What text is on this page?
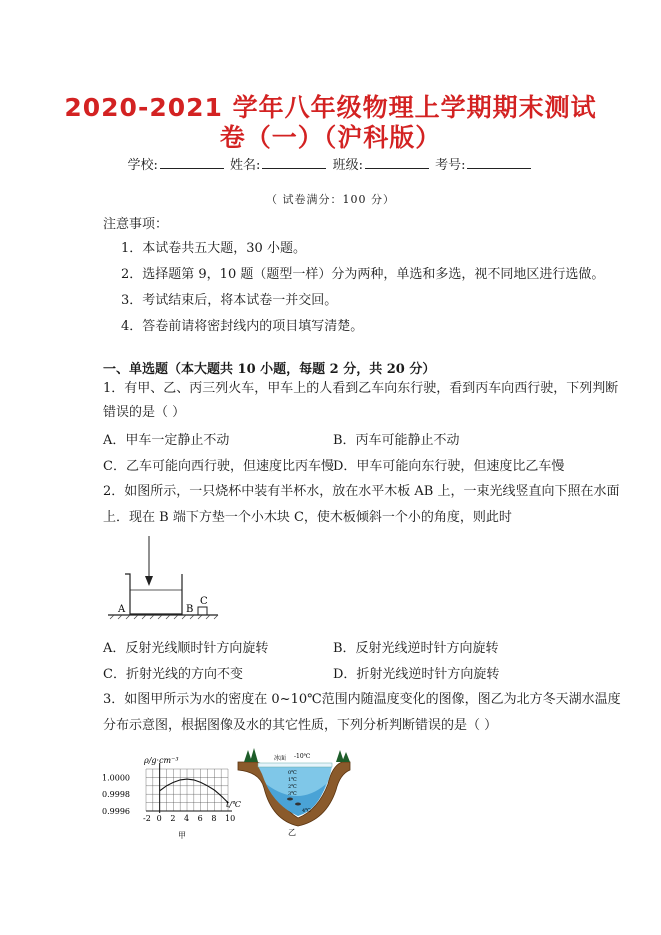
2020-2021 学年八年级物理上学期期末测试
卷（一）（沪科版）
学校:	姓名:	班级:	考号:
（ 试卷满分：100 分）
注意事项：
1．本试卷共五大题，30 小题。
2．选择题第 9，10 题（题型一样）分为两种，单选和多选，视不同地区进行选做。
3．考试结束后，将本试卷一并交回。
4．答卷前请将密封线内的项目填写清楚。
一、单选题（本大题共 10 小题，每题 2 分，共 20 分）
1．有甲、乙、丙三列火车，甲车上的人看到乙车向东行驶，看到丙车向西行驶，下列判断
错误的是（ ）
A．甲车一定静止不动	B．丙车可能静止不动
C．乙车可能向西行驶，但速度比丙车慢 D．甲车可能向东行驶，但速度比乙车慢
2．如图所示，一只烧杯中装有半杯水，放在水平木板 AB 上，一束光线竖直向下照在水面
上．现在 B 端下方垫一个小木块 C，使木板倾斜一个小的角度，则此时
A	B
C
A．反射光线顺时针方向旋转	B．反射光线逆时针方向旋转
C．折射光线的方向不变	D．折射光线逆时针方向旋转
3．如图甲所示为水的密度在 0~10℃范围内随温度变化的图像，图乙为北方冬天湖水温度
分布示意图，根据图像及水的其它性质，下列分析判断错误的是（ ）
-2 0 2 4 6 8 10
1.0000
0.9998
0.9996
ρ/g·cm⁻³
t/℃
甲
冰面 -10℃
0℃
1℃
2℃
3℃
4℃
乙
